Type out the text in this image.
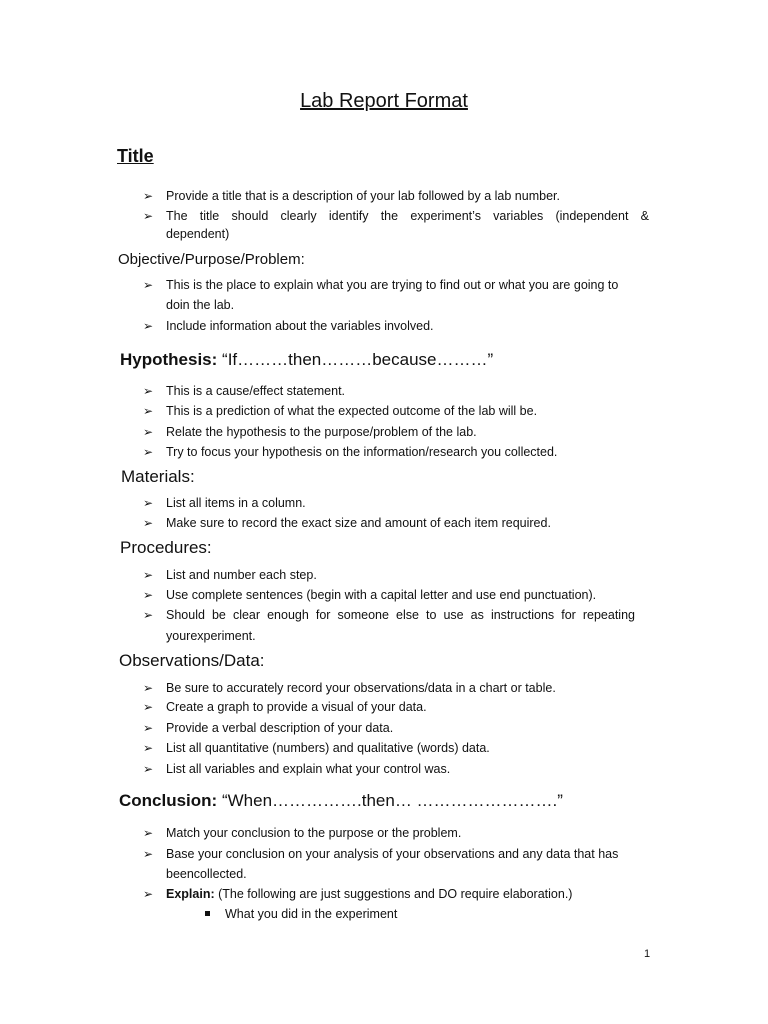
Lab Report Format
Title
➢ Provide a title that is a description of your lab followed by a lab number.
➢ The title should clearly identify the experiment’s variables (independent &
dependent)
Objective/Purpose/Problem:
➢ This is the place to explain what you are trying to find out or what you are going to
doin the lab.
➢ Include information about the variables involved.
Hypothesis: “If………then………because………”
➢ This is a cause/effect statement.
➢ This is a prediction of what the expected outcome of the lab will be.
➢ Relate the hypothesis to the purpose/problem of the lab.
➢ Try to focus your hypothesis on the information/research you collected.
Materials:
➢ List all items in a column.
➢ Make sure to record the exact size and amount of each item required.
Procedures:
➢ List and number each step.
➢ Use complete sentences (begin with a capital letter and use end punctuation).
➢ Should be clear enough for someone else to use as instructions for repeating
yourexperiment.
Observations/Data:
➢ Be sure to accurately record your observations/data in a chart or table.
➢ Create a graph to provide a visual of your data.
➢ Provide a verbal description of your data.
➢ List all quantitative (numbers) and qualitative (words) data.
➢ List all variables and explain what your control was.
Conclusion: “When…………….then… …………………….”
➢ Match your conclusion to the purpose or the problem.
➢ Base your conclusion on your analysis of your observations and any data that has
beencollected.
➢ Explain: (The following are just suggestions and DO require elaboration.)
What you did in the experiment
1
